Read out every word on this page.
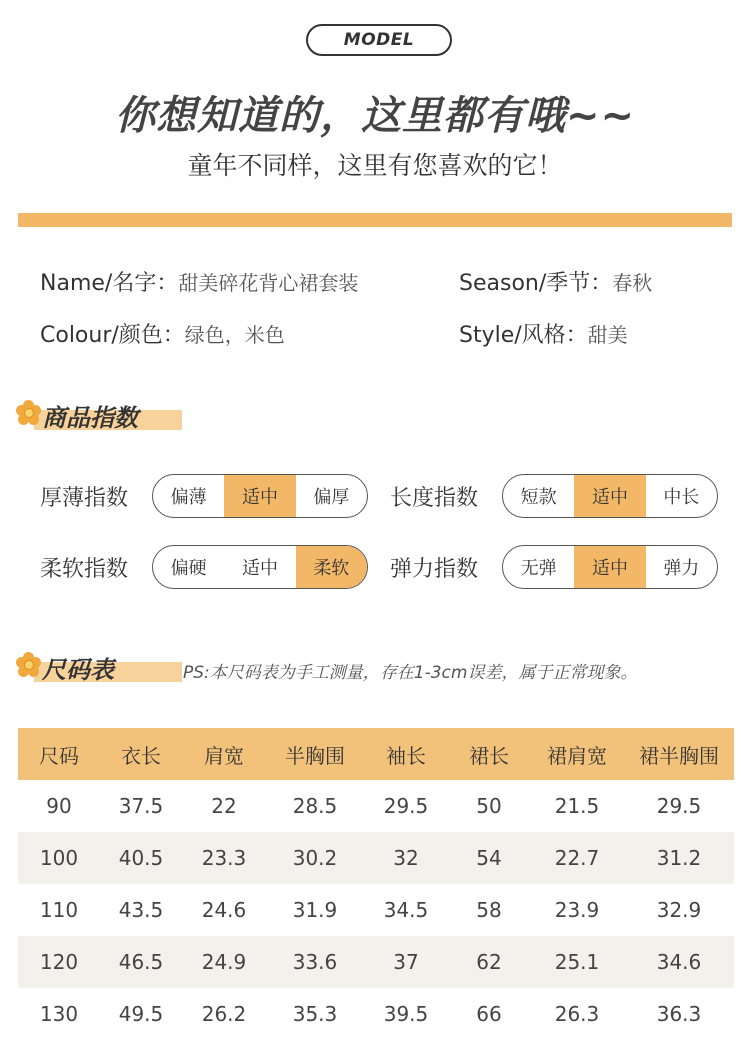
MODEL
你想知道的，这里都有哦~~
童年不同样，这里有您喜欢的它！
Name/名字： 甜美碎花背心裙套装	Season/季节： 春秋
Colour/颜色： 绿色，米色	Style/风格： 甜美
商品指数
厚薄指数	偏薄	适中	偏厚	长度指数	短款	适中	中长
柔软指数	偏硬	适中	柔软	弹力指数	无弹	适中	弹力
尺码表	PS:本尺码表为手工测量，存在1-3cm误差，属于正常现象。
尺码	衣长	肩宽	半胸围	袖长	裙长	裙肩宽	裙半胸围
90	37.5	22	28.5	29.5	50	21.5	29.5
100	40.5	23.3	30.2	32	54	22.7	31.2
110	43.5	24.6	31.9	34.5	58	23.9	32.9
120	46.5	24.9	33.6	37	62	25.1	34.6
130	49.5	26.2	35.3	39.5	66	26.3	36.3
